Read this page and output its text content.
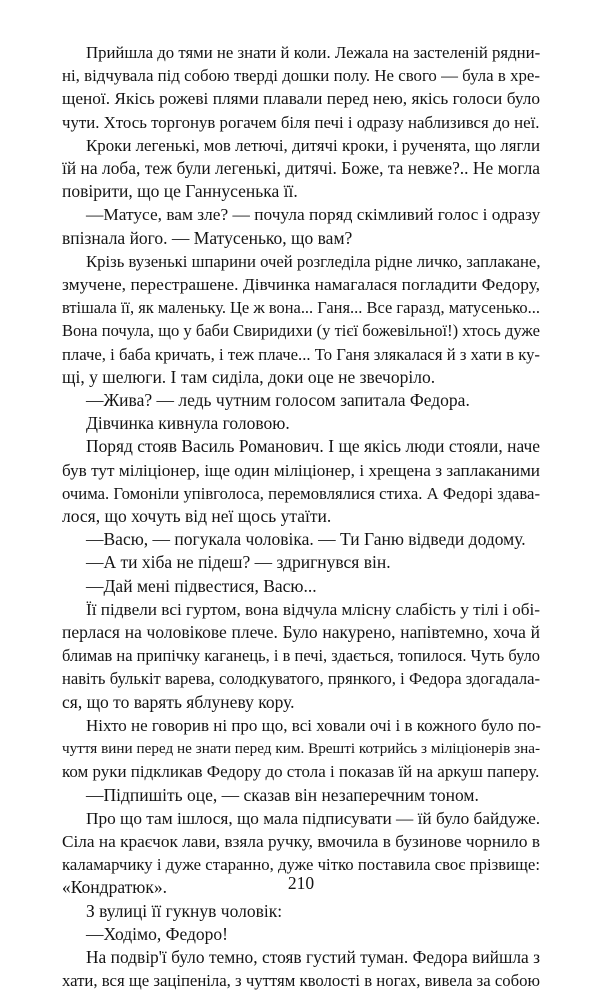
Прийшла до тями не знати й коли. Лежала на застеленій рядни-
ні, відчувала під собою тверді дошки полу. Не свого — була в хре-
щеної. Якісь рожеві плями плавали перед нею, якісь голоси було
чути. Хтось торгонув рогачем біля печі і одразу наблизився до неї.
Кроки легенькі, мов летючі, дитячі кроки, і рученята, що лягли
їй на лоба, теж були легенькі, дитячі. Боже, та невже?.. Не могла
повірити, що це Ганнусенька її.
—Матусе, вам зле? — почула поряд скімливий голос і одразу
впізнала його. — Матусенько, що вам?
Крізь вузенькі шпарини очей розгледіла рідне личко, заплакане,
змучене, перестрашене. Дівчинка намагалася погладити Федору,
втішала її, як маленьку. Це ж вона... Ганя... Все гаразд, матусенько...
Вона почула, що у баби Свиридихи (у тієї божевільної!) хтось дуже
плаче, і баба кричать, і теж плаче... То Ганя злякалася й з хати в ку-
щі, у шелюги. І там сиділа, доки оце не звечоріло.
—Жива? — ледь чутним голосом запитала Федора.
Дівчинка кивнула головою.
Поряд стояв Василь Романович. І ще якісь люди стояли, наче
був тут міліціонер, іще один міліціонер, і хрещена з заплаканими
очима. Гомоніли упівголоса, перемовлялися стиха. А Федорі здава-
лося, що хочуть від неї щось утаїти.
—Васю, — погукала чоловіка. — Ти Ганю відведи додому.
—А ти хіба не підеш? — здригнувся він.
—Дай мені підвестися, Васю...
Її підвели всі гуртом, вона відчула млісну слабість у тілі і обі-
перлася на чоловікове плече. Було накурено, напівтемно, хоча й
блимав на припічку каганець, і в печі, здається, топилося. Чуть було
навіть булькіт варева, солодкуватого, прянкого, і Федора здогадала-
ся, що то варять яблуневу кору.
Ніхто не говорив ні про що, всі ховали очі і в кожного було по-
чуття вини перед не знати перед ким. Врешті котрийсь з міліціонерів зна-
ком руки підкликав Федору до стола і показав їй на аркуш паперу.
—Підпишіть оце, — сказав він незаперечним тоном.
Про що там ішлося, що мала підписувати — їй було байдуже.
Сіла на краєчок лави, взяла ручку, вмочила в бузинове чорнило в
каламарчику і дуже старанно, дуже чітко поставила своє прізвище:
«Кондратюк».
З вулиці її гукнув чоловік:
—Ходімо, Федоро!
На подвір'ї було темно, стояв густий туман. Федора вийшла з
хати, вся ще заціпеніла, з чуттям кволості в ногах, вивела за собою
210
